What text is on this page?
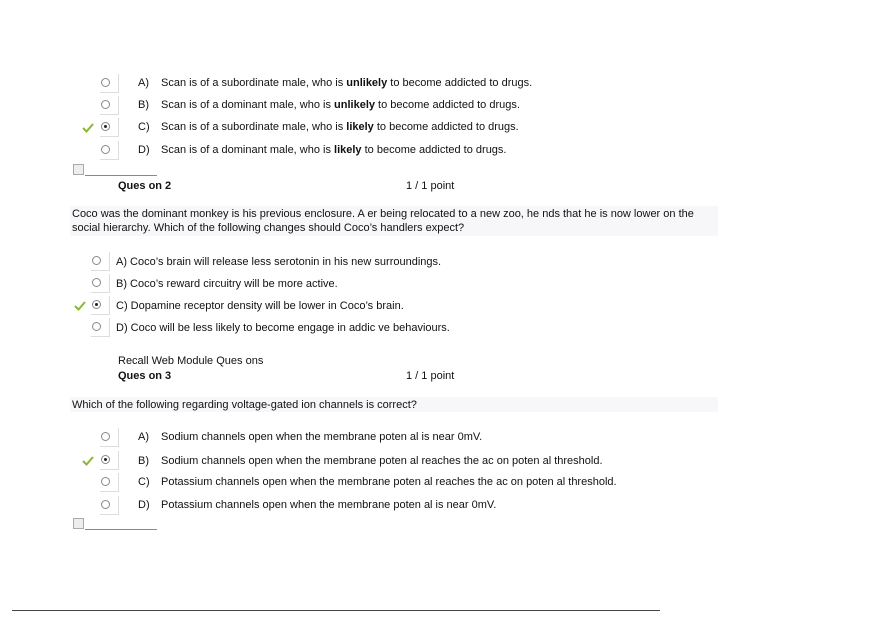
A)	Scan is of a subordinate male, who is unlikely to become addicted to drugs.
B)	Scan is of a dominant male, who is unlikely to become addicted to drugs.
C)	Scan is of a subordinate male, who is likely to become addicted to drugs.
D)	Scan is of a dominant male, who is likely to become addicted to drugs.
Ques on 2	1 / 1 point
Coco was the dominant monkey is his previous enclosure. A er being relocated to a new zoo, he nds that he is now lower on the
social hierarchy. Which of the following changes should Coco’s handlers expect?
A) Coco’s brain will release less serotonin in his new surroundings.
B) Coco’s reward circuitry will be more active.
C) Dopamine receptor density will be lower in Coco’s brain.
D) Coco will be less likely to become engage in addic ve behaviours.
Recall Web Module Ques ons
Ques on 3	1 / 1 point
Which of the following regarding voltage-gated ion channels is correct?
A)	Sodium channels open when the membrane poten al is near 0mV.
B)	Sodium channels open when the membrane poten al reaches the ac on poten al threshold.
C)	Potassium channels open when the membrane poten al reaches the ac on poten al threshold.
D)	Potassium channels open when the membrane poten al is near 0mV.
